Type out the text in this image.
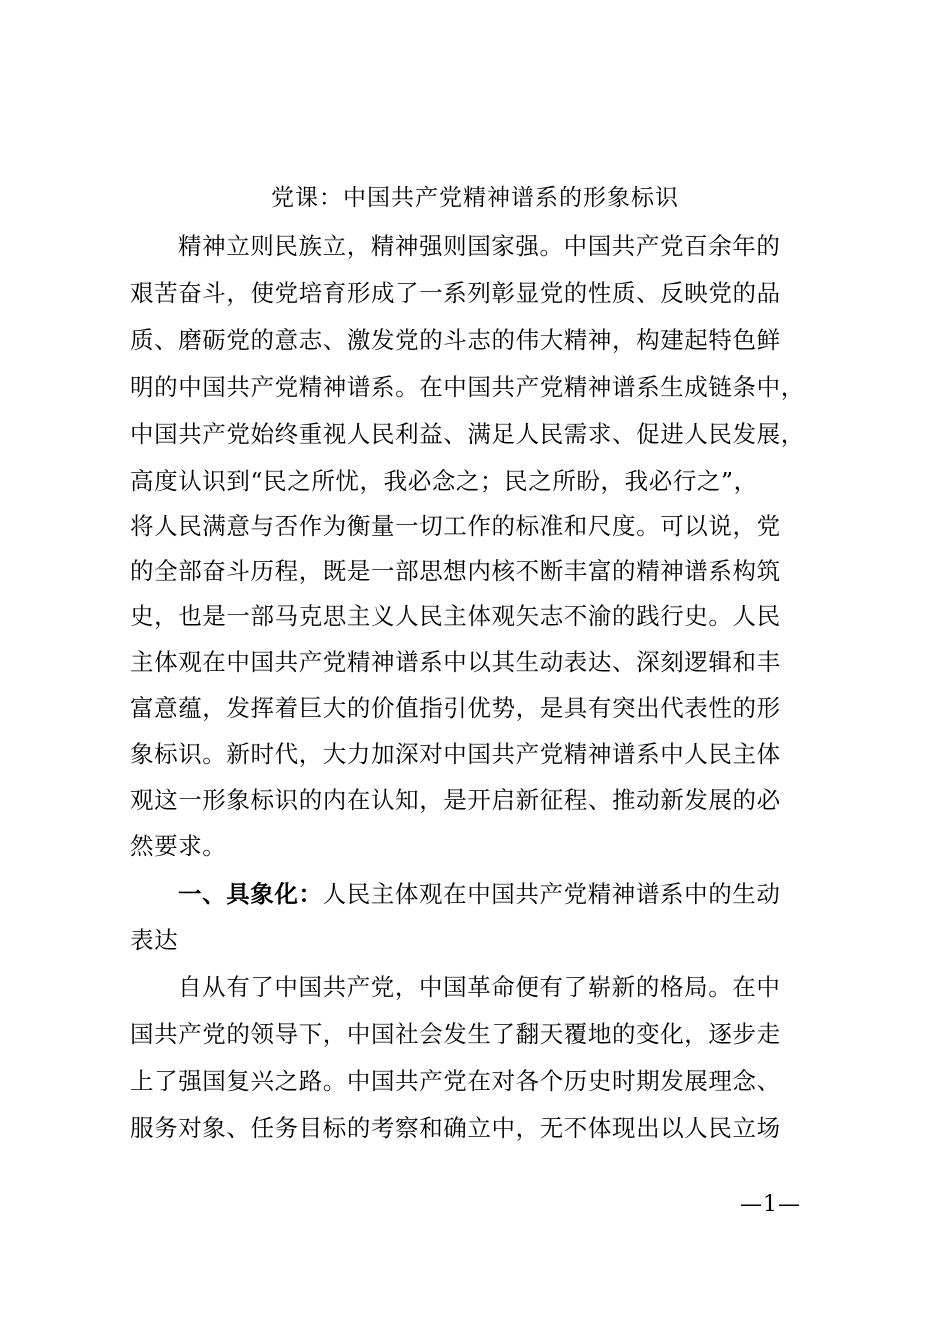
党课：中国共产党精神谱系的形象标识
精神立则民族立，精神强则国家强。中国共产党百余年的
艰苦奋斗，使党培育形成了一系列彰显党的性质、反映党的品
质、磨砺党的意志、激发党的斗志的伟大精神，构建起特色鲜
明的中国共产党精神谱系。在中国共产党精神谱系生成链条中，
中国共产党始终重视人民利益、满足人民需求、促进人民发展，
高度认识到“民之所忧，我必念之；民之所盼，我必行之”，
将人民满意与否作为衡量一切工作的标准和尺度。可以说，党
的全部奋斗历程，既是一部思想内核不断丰富的精神谱系构筑
史，也是一部马克思主义人民主体观矢志不渝的践行史。人民
主体观在中国共产党精神谱系中以其生动表达、深刻逻辑和丰
富意蕴，发挥着巨大的价值指引优势，是具有突出代表性的形
象标识。新时代，大力加深对中国共产党精神谱系中人民主体
观这一形象标识的内在认知，是开启新征程、推动新发展的必
然要求。
一、具象化：人民主体观在中国共产党精神谱系中的生动
表达
自从有了中国共产党，中国革命便有了崭新的格局。在中
国共产党的领导下，中国社会发生了翻天覆地的变化，逐步走
上了强国复兴之路。中国共产党在对各个历史时期发展理念、
服务对象、任务目标的考察和确立中，无不体现出以人民立场
—1—
